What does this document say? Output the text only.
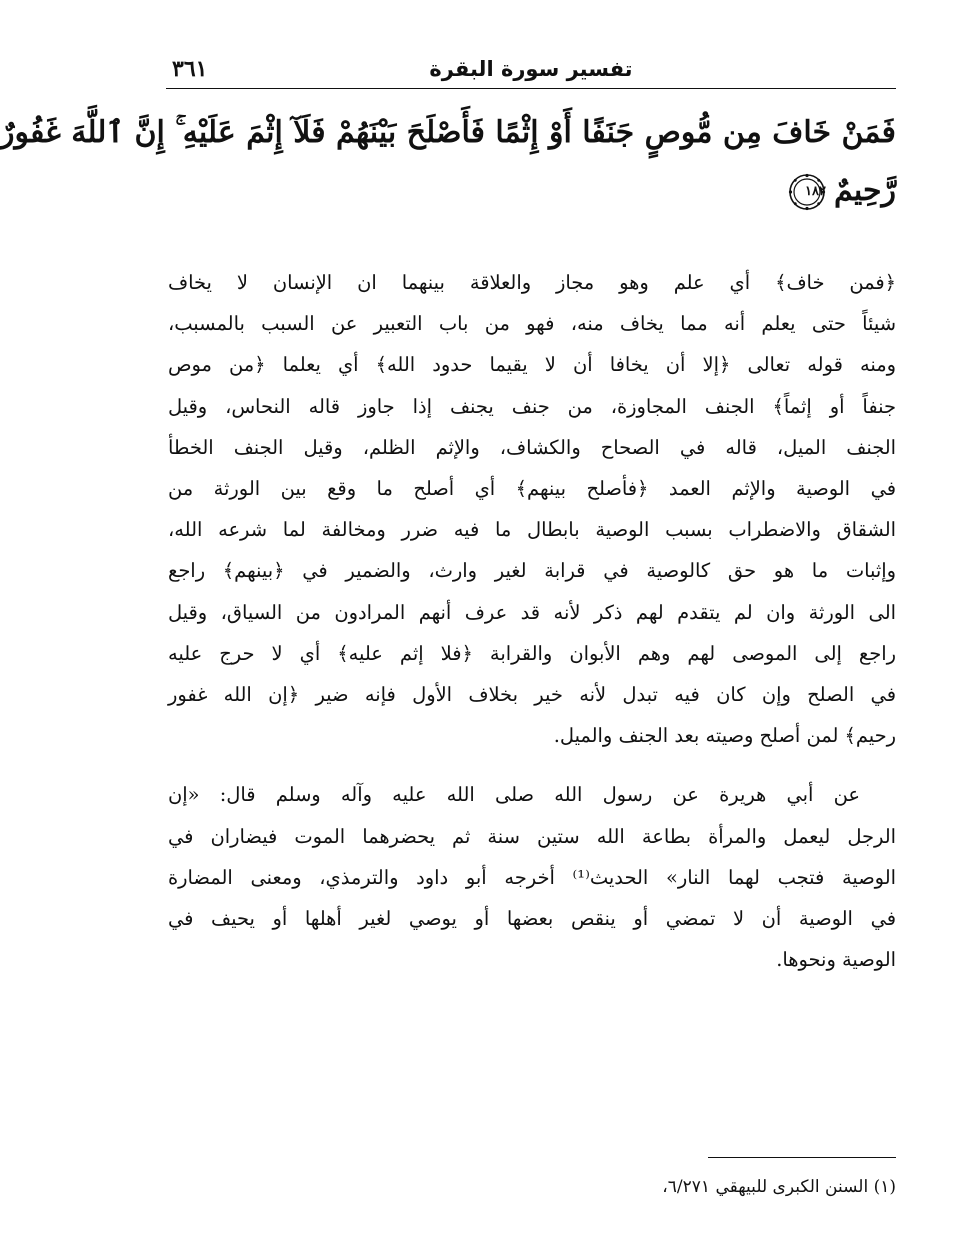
تفسير سورة البقرة
٣٦١
فَمَنْ خَافَ مِن مُّوصٍ جَنَفًا أَوْ إِثْمًا فَأَصْلَحَ بَيْنَهُمْ فَلَآ إِثْمَ عَلَيْهِ ۚ إِنَّ ٱللَّهَ غَفُورٌ
رَّحِيمٌ
١٨٢
﴿فمن خاف﴾ أي علم وهو مجاز والعلاقة بينهما ان الإنسان لا يخاف
شيئاً حتى يعلم أنه مما يخاف منه، فهو من باب التعبير عن السبب بالمسبب،
ومنه قوله تعالى ﴿إلا أن يخافا أن لا يقيما حدود الله﴾ أي يعلما ﴿من موص
جنفاً أو إثماً﴾ الجنف المجاوزة، من جنف يجنف إذا جاوز قاله النحاس، وقيل
الجنف الميل، قاله في الصحاح والكشاف، والإثم الظلم، وقيل الجنف الخطأ
في الوصية والإثم العمد ﴿فأصلح بينهم﴾ أي أصلح ما وقع بين الورثة من
الشقاق والاضطراب بسبب الوصية بابطال ما فيه ضرر ومخالفة لما شرعه الله،
وإثبات ما هو حق كالوصية في قرابة لغير وارث، والضمير في ﴿بينهم﴾ راجع
الى الورثة وان لم يتقدم لهم ذكر لأنه قد عرف أنهم المرادون من السياق، وقيل
راجع إلى الموصى لهم وهم الأبوان والقرابة ﴿فلا إثم عليه﴾ أي لا حرج عليه
في الصلح وإن كان فيه تبدل لأنه خير بخلاف الأول فإنه ضير ﴿إن الله غفور
رحيم﴾ لمن أصلح وصيته بعد الجنف والميل.
عن أبي هريرة عن رسول الله صلى الله عليه وآله وسلم قال: «إن
الرجل ليعمل والمرأة بطاعة الله ستين سنة ثم يحضرهما الموت فيضاران في
الوصية فتجب لهما النار» الحديث⁽¹⁾ أخرجه أبو داود والترمذي، ومعنى المضارة
في الوصية أن لا تمضي أو ينقص بعضها أو يوصي لغير أهلها أو يحيف في
الوصية ونحوها.
(١) السنن الكبرى للبيهقي ٦/٢٧١،
